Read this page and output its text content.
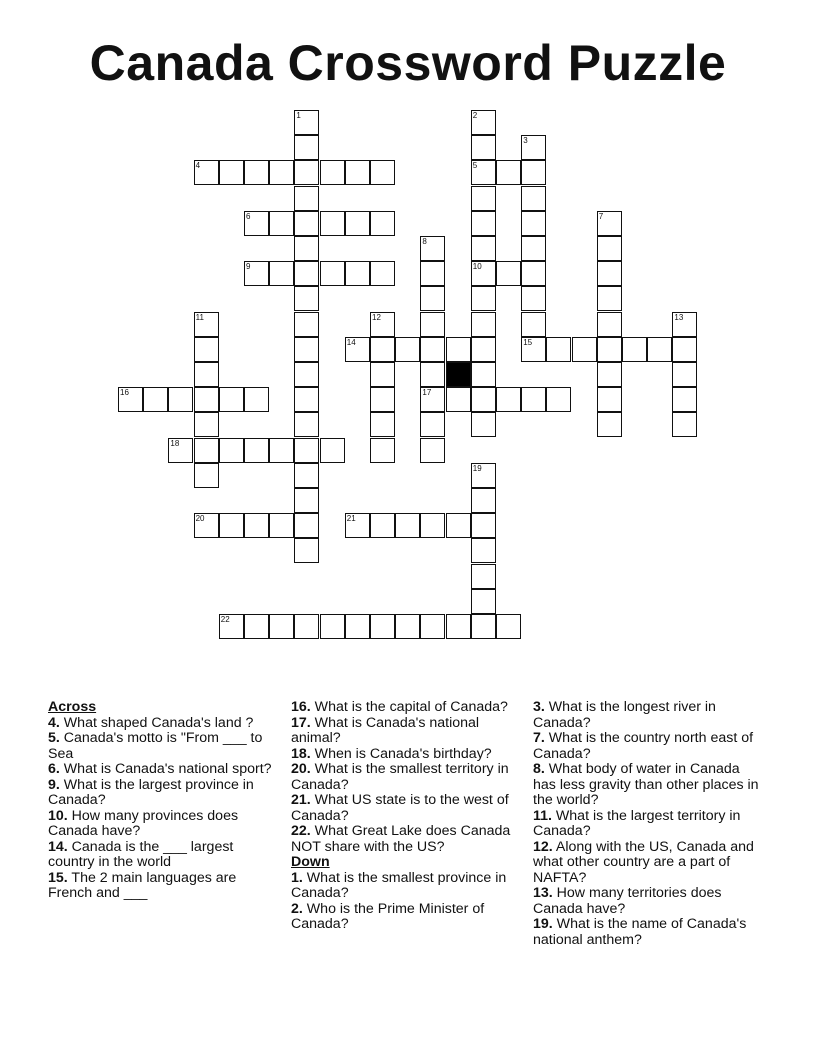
Canada Crossword Puzzle
1	2
5
10
3
4
6	7
8
9
11	12	13
14	15
16	17
18
19
20	21
22
Across
4. What shaped Canada's land ?
5. Canada's motto is "From ___ to Sea
6. What is Canada's national sport?
9. What is the largest province in Canada?
10. How many provinces does Canada have?
14. Canada is the ___ largest country in the world
15. The 2 main languages are French and ___
16. What is the capital of Canada?
17. What is Canada's national animal?
18. When is Canada's birthday?
20. What is the smallest territory in Canada?
21. What US state is to the west of Canada?
22. What Great Lake does Canada NOT share with the US?
Down
1. What is the smallest province in Canada?
2. Who is the Prime Minister of Canada?
3. What is the longest river in Canada?
7. What is the country north east of Canada?
8. What body of water in Canada has less gravity than other places in the world?
11. What is the largest territory in Canada?
12. Along with the US, Canada and what other country are a part of NAFTA?
13. How many territories does Canada have?
19. What is the name of Canada's national anthem?
